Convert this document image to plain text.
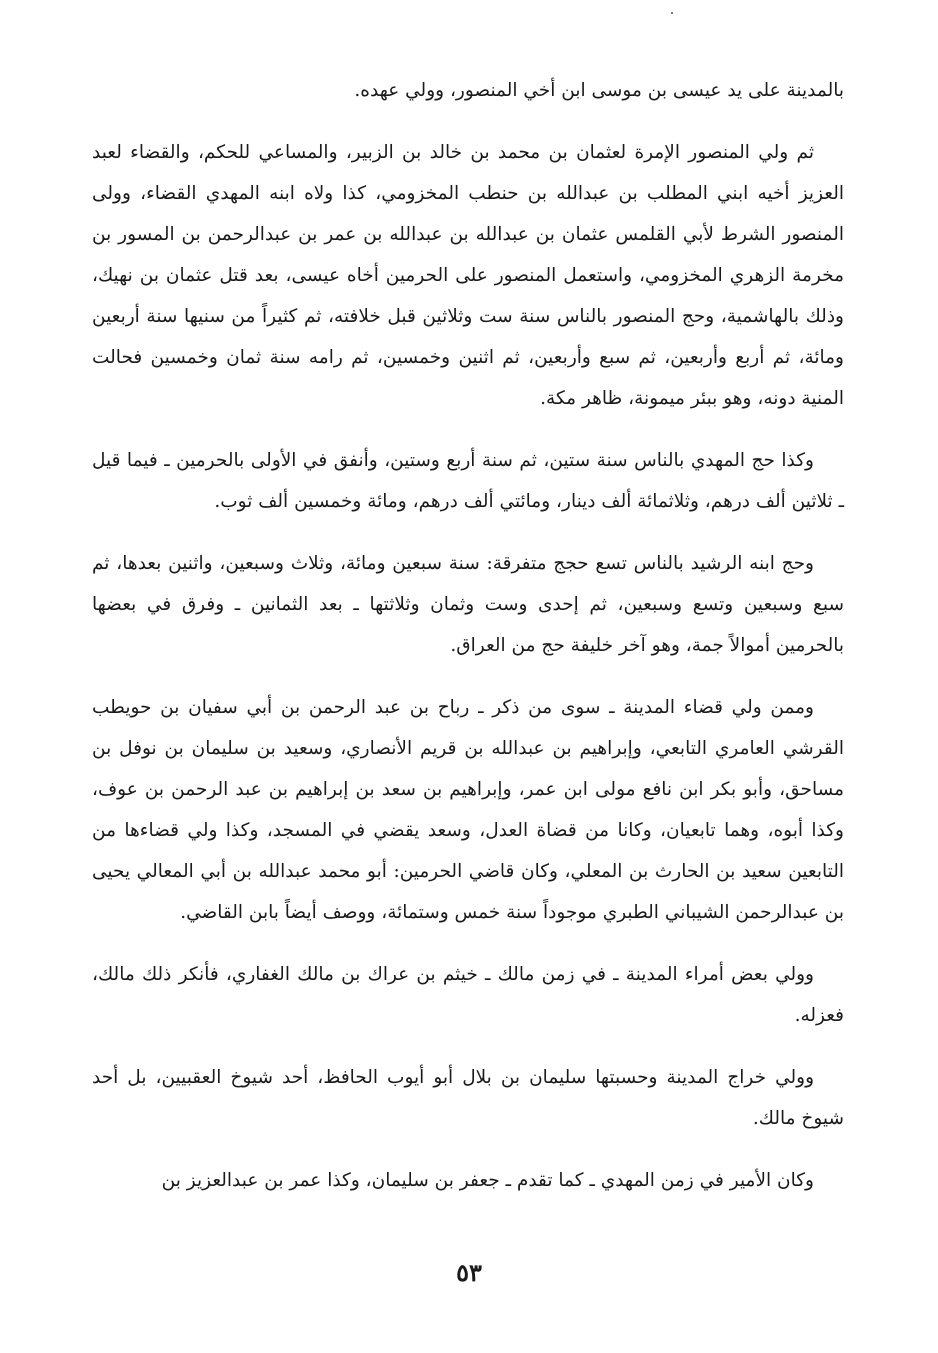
بالمدينة على يد عيسى بن موسى ابن أخي المنصور، وولي عهده.

ثم ولي المنصور الإمرة لعثمان بن محمد بن خالد بن الزبير، والمساعي للحكم، والقضاء لعبد العزيز أخيه ابني المطلب بن عبدالله بن حنطب المخزومي، كذا ولاه ابنه المهدي القضاء، وولى المنصور الشرط لأبي القلمس عثمان بن عبدالله بن عبدالله بن عمر بن عبدالرحمن بن المسور بن مخرمة الزهري المخزومي، واستعمل المنصور على الحرمين أخاه عيسى، بعد قتل عثمان بن نهيك، وذلك بالهاشمية، وحج المنصور بالناس سنة ست وثلاثين قبل خلافته، ثم كثيراً من سنيها سنة أربعين ومائة، ثم أربع وأربعين، ثم سبع وأربعين، ثم اثنين وخمسين، ثم رامه سنة ثمان وخمسين فحالت المنية دونه، وهو ببئر ميمونة، ظاهر مكة.

وكذا حج المهدي بالناس سنة ستين، ثم سنة أربع وستين، وأنفق في الأولى بالحرمين ـ فيما قيل ـ ثلاثين ألف درهم، وثلاثمائة ألف دينار، ومائتي ألف درهم، ومائة وخمسين ألف ثوب.

وحج ابنه الرشيد بالناس تسع حجج متفرقة: سنة سبعين ومائة، وثلاث وسبعين، واثنين بعدها، ثم سبع وسبعين وتسع وسبعين، ثم إحدى وست وثمان وثلاثتها ـ بعد الثمانين ـ وفرق في بعضها بالحرمين أموالاً جمة، وهو آخر خليفة حج من العراق.

وممن ولي قضاء المدينة ـ سوى من ذكر ـ رباح بن عبد الرحمن بن أبي سفيان بن حويطب القرشي العامري التابعي، وإبراهيم بن عبدالله بن قريم الأنصاري، وسعيد بن سليمان بن نوفل بن مساحق، وأبو بكر ابن نافع مولى ابن عمر، وإبراهيم بن سعد بن إبراهيم بن عبد الرحمن بن عوف، وكذا أبوه، وهما تابعيان، وكانا من قضاة العدل، وسعد يقضي في المسجد، وكذا ولي قضاءها من التابعين سعيد بن الحارث بن المعلي، وكان قاضي الحرمين: أبو محمد عبدالله بن أبي المعالي يحيى بن عبدالرحمن الشيباني الطبري موجوداً سنة خمس وستمائة، ووصف أيضاً بابن القاضي.

وولي بعض أمراء المدينة ـ في زمن مالك ـ خيثم بن عراك بن مالك الغفاري، فأنكر ذلك مالك، فعزله.

وولي خراج المدينة وحسبتها سليمان بن بلال أبو أيوب الحافظ، أحد شيوخ العقبيين، بل أحد شيوخ مالك.

وكان الأمير في زمن المهدي ـ كما تقدم ـ جعفر بن سليمان، وكذا عمر بن عبدالعزيز بن

٥٣
